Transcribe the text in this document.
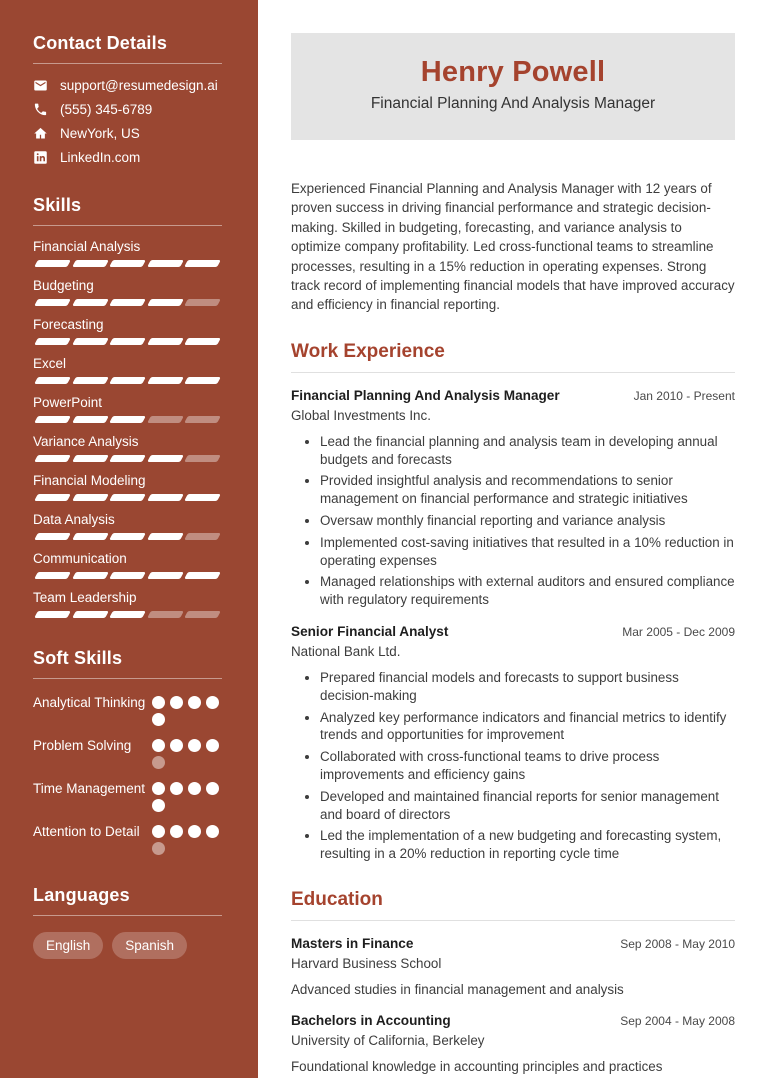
Contact Details
support@resumedesign.ai
(555) 345-6789
NewYork, US
LinkedIn.com
Skills
Financial Analysis
Budgeting
Forecasting
Excel
PowerPoint
Variance Analysis
Financial Modeling
Data Analysis
Communication
Team Leadership
Soft Skills
Analytical Thinking
Problem Solving
Time Management
Attention to Detail
Languages
English	Spanish
Henry Powell
Financial Planning And Analysis Manager

Experienced Financial Planning and Analysis Manager with 12 years of proven success in driving financial performance and strategic decision-making. Skilled in budgeting, forecasting, and variance analysis to optimize company profitability. Led cross-functional teams to streamline processes, resulting in a 15% reduction in operating expenses. Strong track record of implementing financial models that have improved accuracy and efficiency in financial reporting.

Work Experience
Financial Planning And Analysis Manager	Jan 2010 - Present
Global Investments Inc.
• Lead the financial planning and analysis team in developing annual budgets and forecasts
• Provided insightful analysis and recommendations to senior management on financial performance and strategic initiatives
• Oversaw monthly financial reporting and variance analysis
• Implemented cost-saving initiatives that resulted in a 10% reduction in operating expenses
• Managed relationships with external auditors and ensured compliance with regulatory requirements
Senior Financial Analyst	Mar 2005 - Dec 2009
National Bank Ltd.
• Prepared financial models and forecasts to support business decision-making
• Analyzed key performance indicators and financial metrics to identify trends and opportunities for improvement
• Collaborated with cross-functional teams to drive process improvements and efficiency gains
• Developed and maintained financial reports for senior management and board of directors
• Led the implementation of a new budgeting and forecasting system, resulting in a 20% reduction in reporting cycle time
Education
Masters in Finance	Sep 2008 - May 2010
Harvard Business School
Advanced studies in financial management and analysis
Bachelors in Accounting	Sep 2004 - May 2008
University of California, Berkeley
Foundational knowledge in accounting principles and practices
